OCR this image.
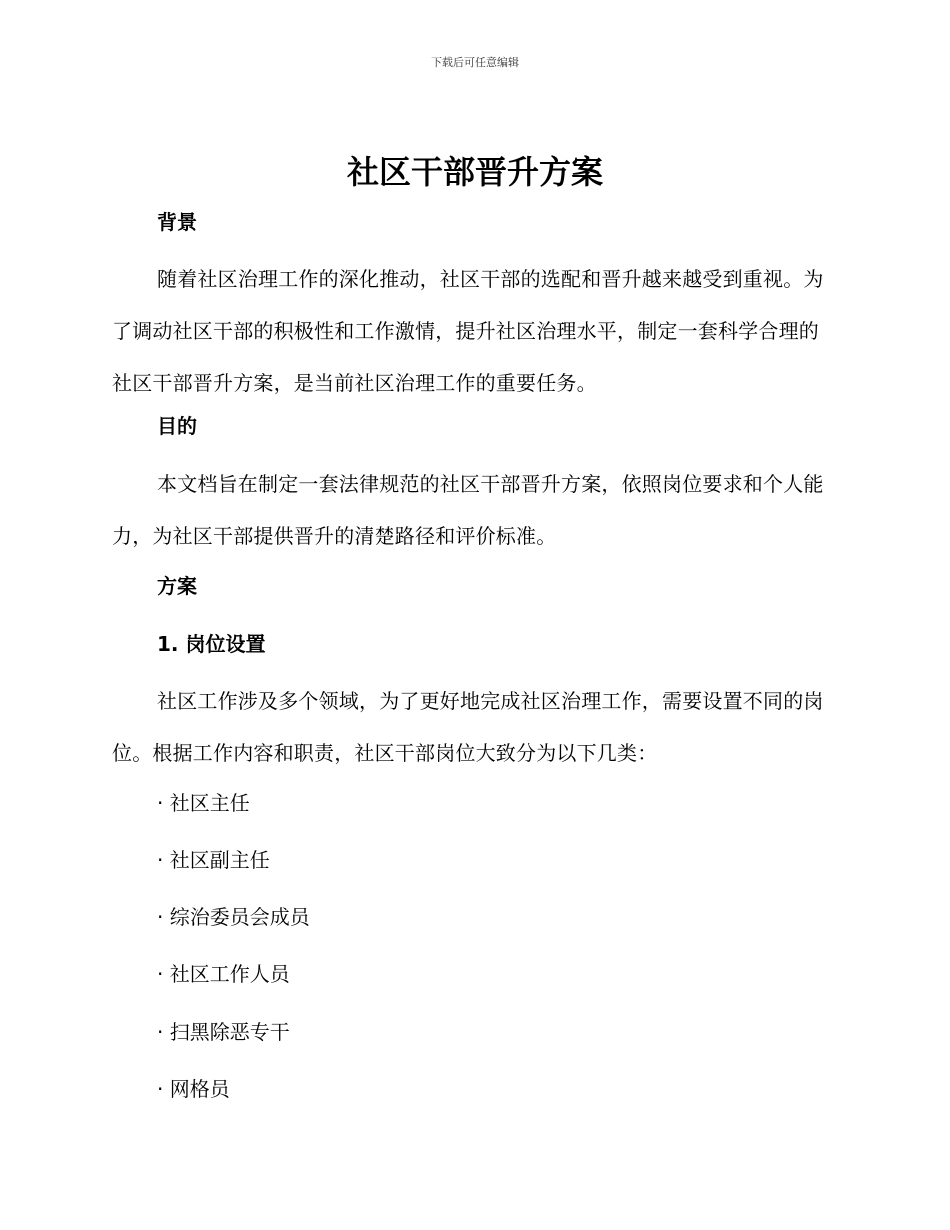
下载后可任意编辑
社区干部晋升方案
背景

随着社区治理工作的深化推动，社区干部的选配和晋升越来越受到重视。为了调动社区干部的积极性和工作激情，提升社区治理水平，制定一套科学合理的社区干部晋升方案，是当前社区治理工作的重要任务。

目的

本文档旨在制定一套法律规范的社区干部晋升方案，依照岗位要求和个人能力，为社区干部提供晋升的清楚路径和评价标准。

方案
1. 岗位设置

社区工作涉及多个领域，为了更好地完成社区治理工作，需要设置不同的岗位。根据工作内容和职责，社区干部岗位大致分为以下几类：

· 社区主任
· 社区副主任
· 综治委员会成员
· 社区工作人员
· 扫黑除恶专干
· 网格员
